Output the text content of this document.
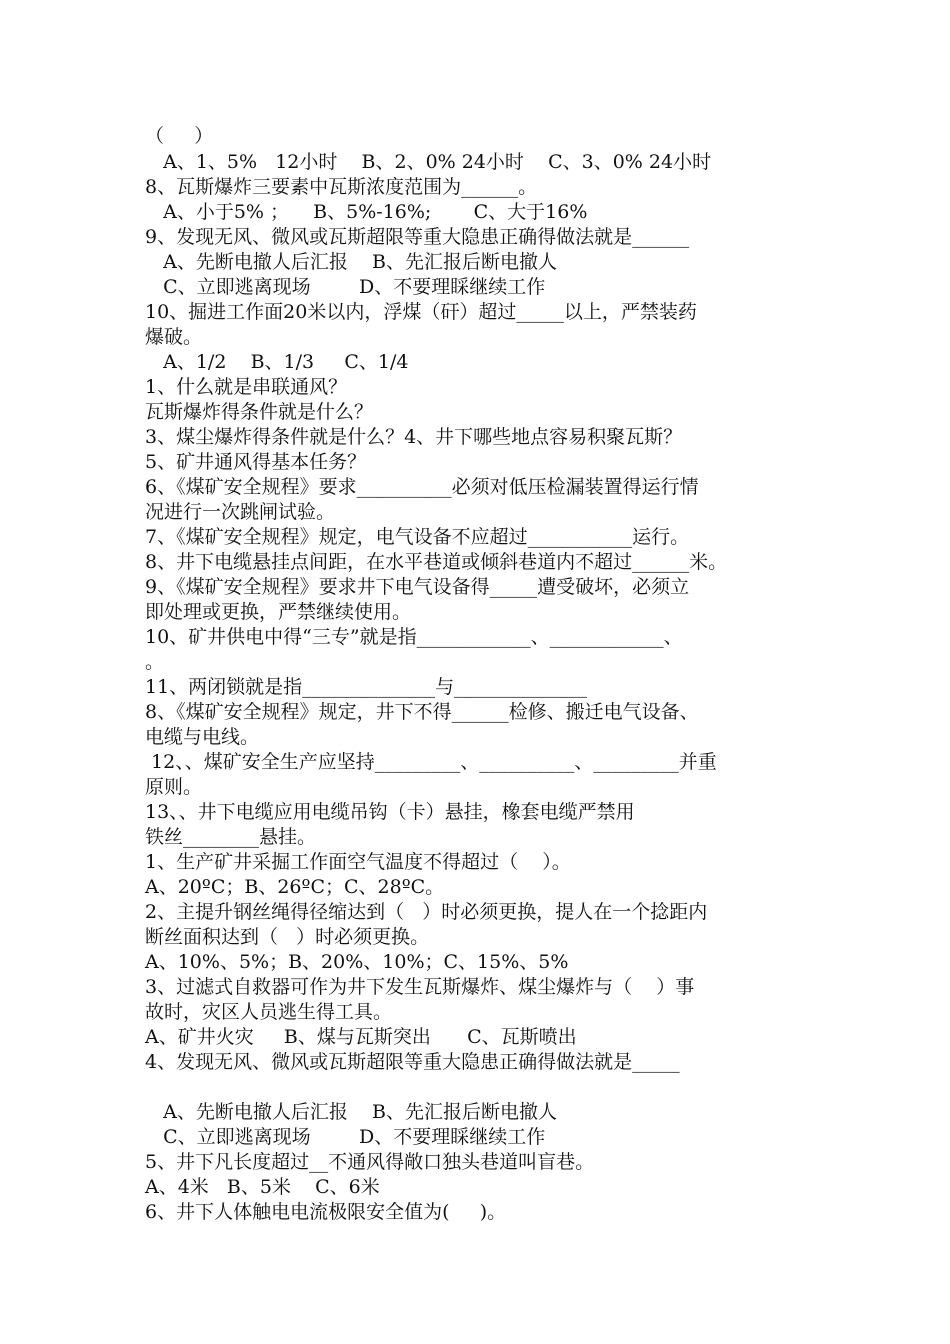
（     ）
A、1、5%   12小时    B、2、0% 24小时    C、3、0% 24小时
8、瓦斯爆炸三要素中瓦斯浓度范围为______。
A、小于5% ；    B、5%-16%;       C、大于16%
9、发现无风、微风或瓦斯超限等重大隐患正确得做法就是______
A、先断电撤人后汇报    B、先汇报后断电撤人
C、立即逃离现场        D、不要理睬继续工作
10、掘进工作面20米以内，浮煤（矸）超过_____以上，严禁装药
爆破。
A、1/2    B、1/3     C、1/4
1、什么就是串联通风？
瓦斯爆炸得条件就是什么？
3、煤尘爆炸得条件就是什么？4、井下哪些地点容易积聚瓦斯？
5、矿井通风得基本任务？
6、《煤矿安全规程》要求__________必须对低压检漏装置得运行情
况进行一次跳闸试验。
7、《煤矿安全规程》规定，电气设备不应超过___________运行。
8、井下电缆悬挂点间距，在水平巷道或倾斜巷道内不超过______米。
9、《煤矿安全规程》要求井下电气设备得_____遭受破坏，必须立
即处理或更换，严禁继续使用。
10、矿井供电中得“三专”就是指____________、____________、
。
11、两闭锁就是指______________与______________
8、《煤矿安全规程》规定，井下不得______检修、搬迁电气设备、
电缆与电线。
12、、煤矿安全生产应坚持_________、__________、_________并重
原则。
13、、井下电缆应用电缆吊钩（卡）悬挂，橡套电缆严禁用
铁丝________悬挂。
1、生产矿井采掘工作面空气温度不得超过（    ）。
A、20ºC；B、26ºC；C、28ºC。
2、主提升钢丝绳得径缩达到（   ）时必须更换，提人在一个捻距内
断丝面积达到（   ）时必须更换。
A、10%、5%；B、20%、10%；C、15%、5%
3、过滤式自救器可作为井下发生瓦斯爆炸、煤尘爆炸与（    ）事
故时，灾区人员逃生得工具。
A、矿井火灾     B、煤与瓦斯突出      C、瓦斯喷出
4、发现无风、微风或瓦斯超限等重大隐患正确得做法就是_____
A、先断电撤人后汇报    B、先汇报后断电撤人
C、立即逃离现场        D、不要理睬继续工作
5、井下凡长度超过__不通风得敞口独头巷道叫盲巷。
A、4米   B、5米    C、6米
6、井下人体触电电流极限安全值为(     )。
